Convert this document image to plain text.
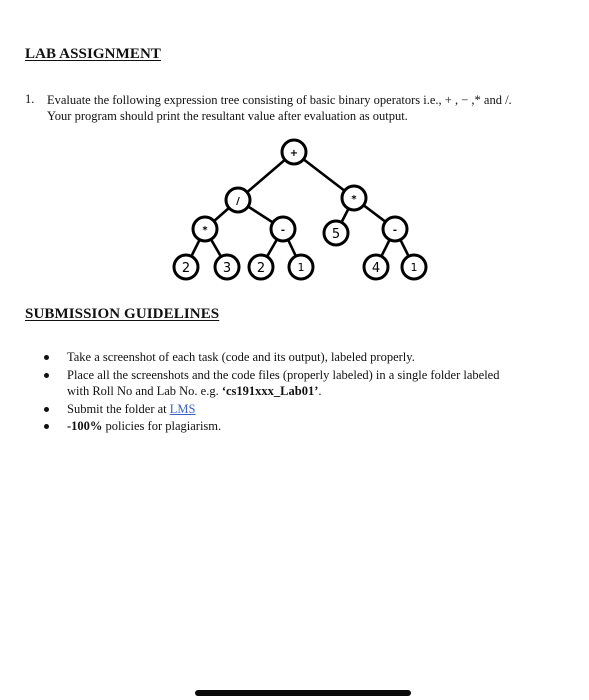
LAB ASSIGNMENT
1. Evaluate the following expression tree consisting of basic binary operators i.e., + , − ,* and /.
Your program should print the resultant value after evaluation as output.
+
/	*
*	-	-
2	3 2	1
5
4	1
SUBMISSION GUIDELINES
Take a screenshot of each task (code and its output), labeled properly.
Place all the screenshots and the code files (properly labeled) in a single folder labeled
with Roll No and Lab No. e.g. ‘cs191xxx_Lab01’.
Submit the folder at LMS
-100% policies for plagiarism.
